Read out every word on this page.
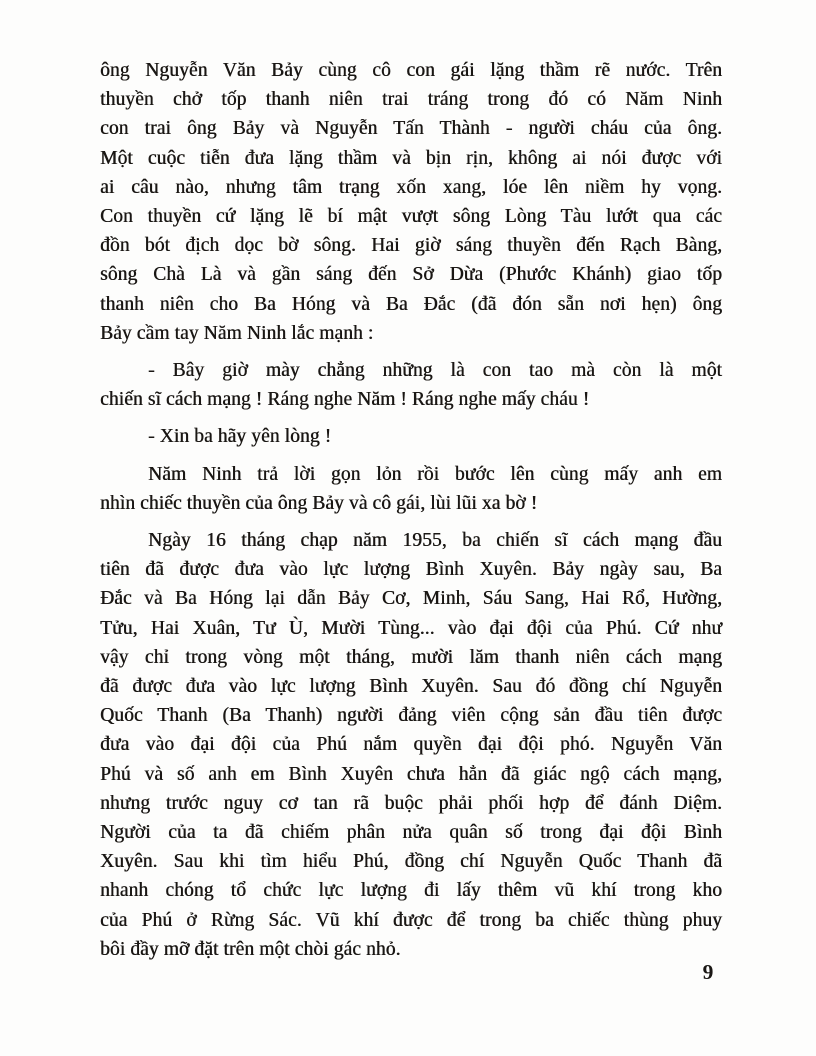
ông Nguyễn Văn Bảy cùng cô con gái lặng thầm rẽ nước. Trên
thuyền chở tốp thanh niên trai tráng trong đó có Năm Ninh
con trai ông Bảy và Nguyễn Tấn Thành - người cháu của ông.
Một cuộc tiễn đưa lặng thầm và bịn rịn, không ai nói được với
ai câu nào, nhưng tâm trạng xốn xang, lóe lên niềm hy vọng.
Con thuyền cứ lặng lẽ bí mật vượt sông Lòng Tàu lướt qua các
đồn bót địch dọc bờ sông. Hai giờ sáng thuyền đến Rạch Bàng,
sông Chà Là và gần sáng đến Sở Dừa (Phước Khánh) giao tốp
thanh niên cho Ba Hóng và Ba Đắc (đã đón sẵn nơi hẹn) ông
Bảy cầm tay Năm Ninh lắc mạnh :
- Bây giờ mày chẳng những là con tao mà còn là một
chiến sĩ cách mạng ! Ráng nghe Năm ! Ráng nghe mấy cháu !
- Xin ba hãy yên lòng !
Năm Ninh trả lời gọn lỏn rồi bước lên cùng mấy anh em
nhìn chiếc thuyền của ông Bảy và cô gái, lùi lũi xa bờ !
Ngày 16 tháng chạp năm 1955, ba chiến sĩ cách mạng đầu
tiên đã được đưa vào lực lượng Bình Xuyên. Bảy ngày sau, Ba
Đắc và Ba Hóng lại dẫn Bảy Cơ, Minh, Sáu Sang, Hai Rổ, Hường,
Tửu, Hai Xuân, Tư Ù, Mười Tùng... vào đại đội của Phú. Cứ như
vậy chỉ trong vòng một tháng, mười lăm thanh niên cách mạng
đã được đưa vào lực lượng Bình Xuyên. Sau đó đồng chí Nguyễn
Quốc Thanh (Ba Thanh) người đảng viên cộng sản đầu tiên được
đưa vào đại đội của Phú nắm quyền đại đội phó. Nguyễn Văn
Phú và số anh em Bình Xuyên chưa hẳn đã giác ngộ cách mạng,
nhưng trước nguy cơ tan rã buộc phải phối hợp để đánh Diệm.
Người của ta đã chiếm phân nửa quân số trong đại đội Bình
Xuyên. Sau khi tìm hiểu Phú, đồng chí Nguyễn Quốc Thanh đã
nhanh chóng tổ chức lực lượng đi lấy thêm vũ khí trong kho
của Phú ở Rừng Sác. Vũ khí được để trong ba chiếc thùng phuy
bôi đầy mỡ đặt trên một chòi gác nhỏ.
9
